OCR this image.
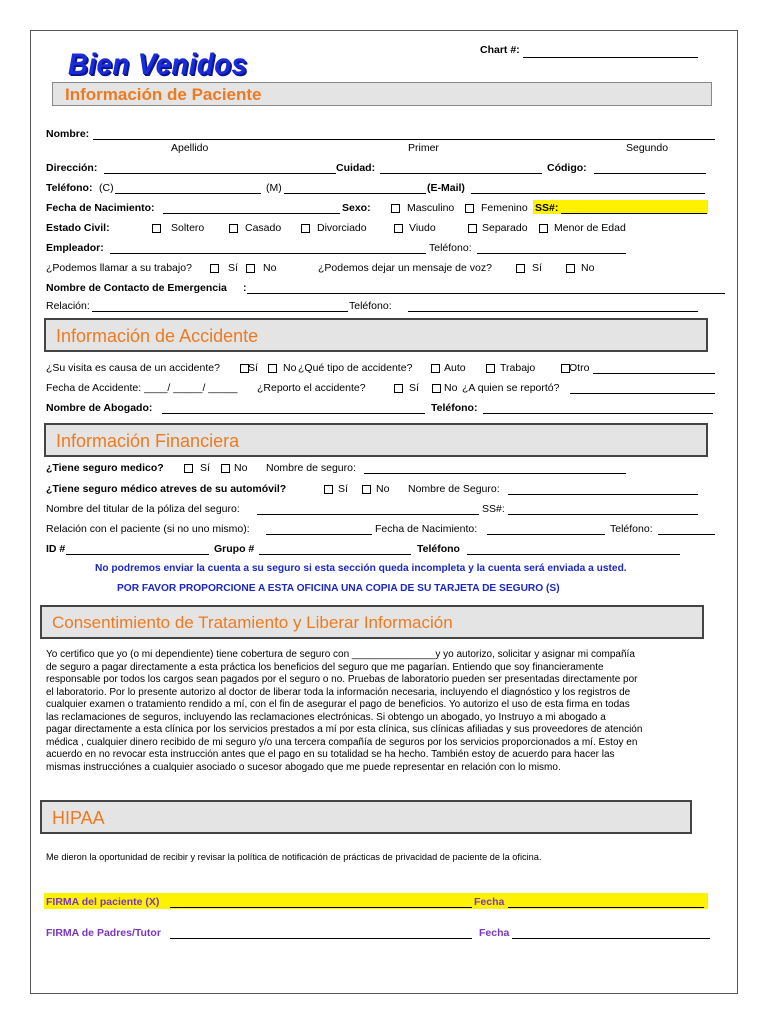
Bien Venidos	Chart #:
Información de Paciente
Nombre:
Apellido	Primer	Segundo
Dirección:	Cuidad:	Código:
Teléfono: (C)	(M)	(E-Mail)
Fecha de Nacimiento:	Sexo:	Masculino	Femenino SS#:
Estado Civil:	Soltero	Casado	Divorciado	Viudo	Separado	Menor de Edad
Empleador:	Teléfono:
¿Podemos llamar a su trabajo?	Sí No	¿Podemos dejar un mensaje de voz?	Sí	No
Nombre de Contacto de Emergencia :
Relación:	Teléfono:
Información de Accidente
¿Su visita es causa de un accidente?	Sí No ¿Qué tipo de accidente?	Auto	Trabajo	Otro
Fecha de Accidente: ____/ _____/ _____ ¿Reporto el accidente?	Sí No ¿A quien se reportó?
Nombre de Abogado:	Teléfono:
Información Financiera
¿Tiene seguro medico?	Sí No Nombre de seguro:
¿Tiene seguro médico atreves de su automóvil?	Sí	No Nombre de Seguro:
Nombre del titular de la póliza del seguro:	SS#:
Relación con el paciente (si no uno mismo):	Fecha de Nacimiento:	Teléfono:
ID #	Grupo #	Teléfono
No podremos enviar la cuenta a su seguro si esta sección queda incompleta y la cuenta será enviada a usted.
POR FAVOR PROPORCIONE A ESTA OFICINA UNA COPIA DE SU TARJETA DE SEGURO (S)
Consentimiento de Tratamiento y Liberar Información
Yo certifico que yo (o mi dependiente) tiene cobertura de seguro con _______________y yo autorizo, solicitar y asignar mi compañía
de seguro a pagar directamente a esta práctica los beneficios del seguro que me pagarían. Entiendo que soy financieramente
responsable por todos los cargos sean pagados por el seguro o no. Pruebas de laboratorio pueden ser presentadas directamente por
el laboratorio. Por lo presente autorizo al doctor de liberar toda la información necesaria, incluyendo el diagnóstico y los registros de
cualquier examen o tratamiento rendido a mí, con el fin de asegurar el pago de beneficios. Yo autorizo el uso de esta firma en todas
las reclamaciones de seguros, incluyendo las reclamaciones electrónicas. Si obtengo un abogado, yo Instruyo a mi abogado a
pagar directamente a esta clínica por los servicios prestados a mí por esta clínica, sus clínicas afiliadas y sus proveedores de atención
médica , cualquier dinero recibido de mi seguro y/o una tercera compañía de seguros por los servicios proporcionados a mí. Estoy en
acuerdo en no revocar esta instrucción antes que el pago en su totalidad se ha hecho. También estoy de acuerdo para hacer las
mismas instrucciónes a cualquier asociado o sucesor abogado que me puede representar en relación con lo mismo.
HIPAA
Me dieron la oportunidad de recibir y revisar la política de notificación de prácticas de privacidad de paciente de la oficina.
FIRMA del paciente (X)	Fecha
FIRMA de Padres/Tutor	Fecha
